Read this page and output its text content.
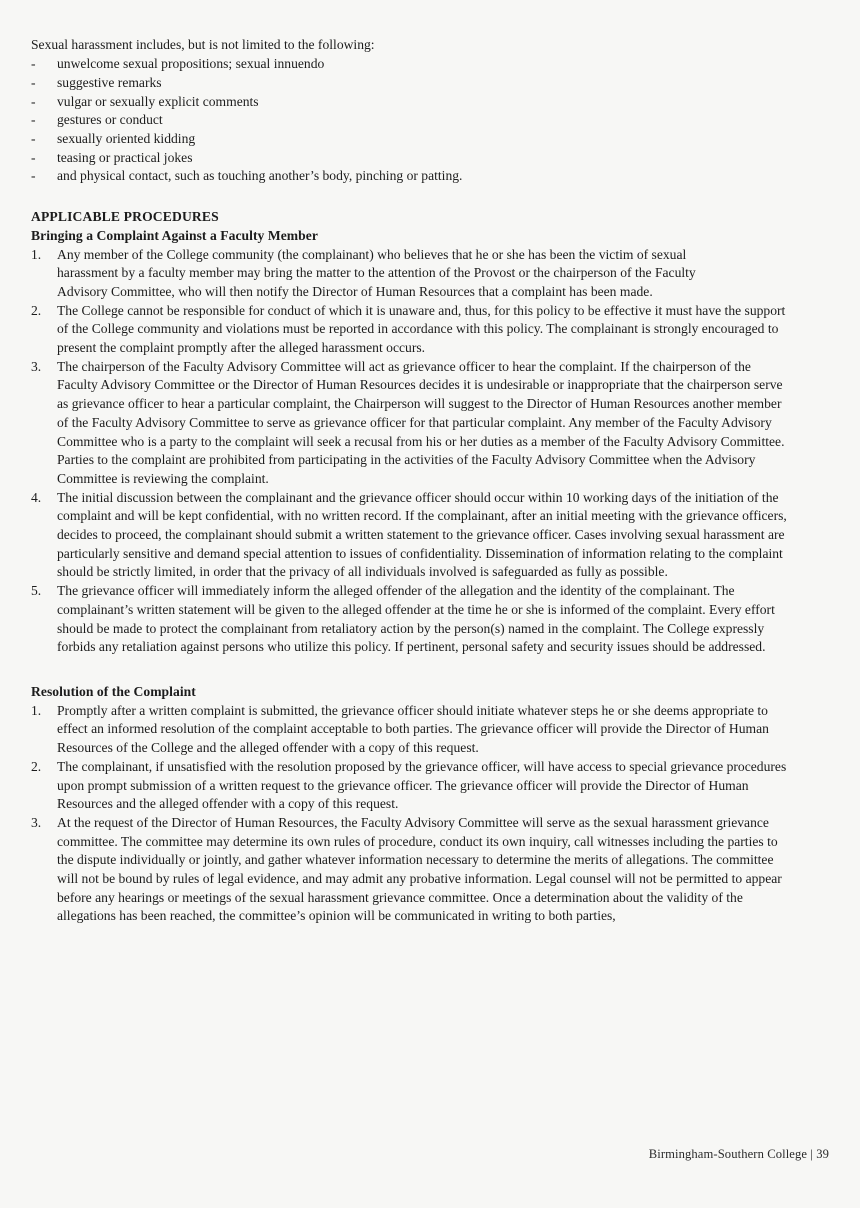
Sexual harassment includes, but is not limited to the following:

-	unwelcome sexual propositions; sexual innuendo
-	suggestive remarks
-	vulgar or sexually explicit comments
-	gestures or conduct
-	sexually oriented kidding
-	teasing or practical jokes
-	and physical contact, such as touching another’s body, pinching or patting.
APPLICABLE PROCEDURES
Bringing a Complaint Against a Faculty Member
1.	Any member of the College community (the complainant) who believes that he or she has been the victim of sexual harassment by a faculty member may bring the matter to the attention of the Provost or the chairperson of the Faculty Advisory Committee, who will then notify the Director of Human Resources that a complaint has been made.
2.	The College cannot be responsible for conduct of which it is unaware and, thus, for this policy to be effective it must have the support of the College community and violations must be reported in accordance with this policy. The complainant is strongly encouraged to present the complaint promptly after the alleged harassment occurs.
3.	The chairperson of the Faculty Advisory Committee will act as grievance officer to hear the complaint. If the chairperson of the Faculty Advisory Committee or the Director of Human Resources decides it is undesirable or inappropriate that the chairperson serve as grievance officer to hear a particular complaint, the Chairperson will suggest to the Director of Human Resources another member of the Faculty Advisory Committee to serve as grievance officer for that particular complaint. Any member of the Faculty Advisory Committee who is a party to the complaint will seek a recusal from his or her duties as a member of the Faculty Advisory Committee. Parties to the complaint are prohibited from participating in the activities of the Faculty Advisory Committee when the Advisory Committee is reviewing the complaint.
4.	The initial discussion between the complainant and the grievance officer should occur within 10 working days of the initiation of the complaint and will be kept confidential, with no written record. If the complainant, after an initial meeting with the grievance officers, decides to proceed, the complainant should submit a written statement to the grievance officer. Cases involving sexual harassment are particularly sensitive and demand special attention to issues of confidentiality. Dissemination of information relating to the complaint should be strictly limited, in order that the privacy of all individuals involved is safeguarded as fully as possible.
5.	The grievance officer will immediately inform the alleged offender of the allegation and the identity of the complainant. The complainant’s written statement will be given to the alleged offender at the time he or she is informed of the complaint. Every effort should be made to protect the complainant from retaliatory action by the person(s) named in the complaint. The College expressly forbids any retaliation against persons who utilize this policy. If pertinent, personal safety and security issues should be addressed.
Resolution of the Complaint
1.	Promptly after a written complaint is submitted, the grievance officer should initiate whatever steps he or she deems appropriate to effect an informed resolution of the complaint acceptable to both parties. The grievance officer will provide the Director of Human Resources of the College and the alleged offender with a copy of this request.
2.	The complainant, if unsatisfied with the resolution proposed by the grievance officer, will have access to special grievance procedures upon prompt submission of a written request to the grievance officer. The grievance officer will provide the Director of Human Resources and the alleged offender with a copy of this request.
3.	At the request of the Director of Human Resources, the Faculty Advisory Committee will serve as the sexual harassment grievance committee. The committee may determine its own rules of procedure, conduct its own inquiry, call witnesses including the parties to the dispute individually or jointly, and gather whatever information necessary to determine the merits of allegations. The committee will not be bound by rules of legal evidence, and may admit any probative information. Legal counsel will not be permitted to appear before any hearings or meetings of the sexual harassment grievance committee. Once a determination about the validity of the allegations has been reached, the committee’s opinion will be communicated in writing to both parties,
Birmingham-Southern College | 39
